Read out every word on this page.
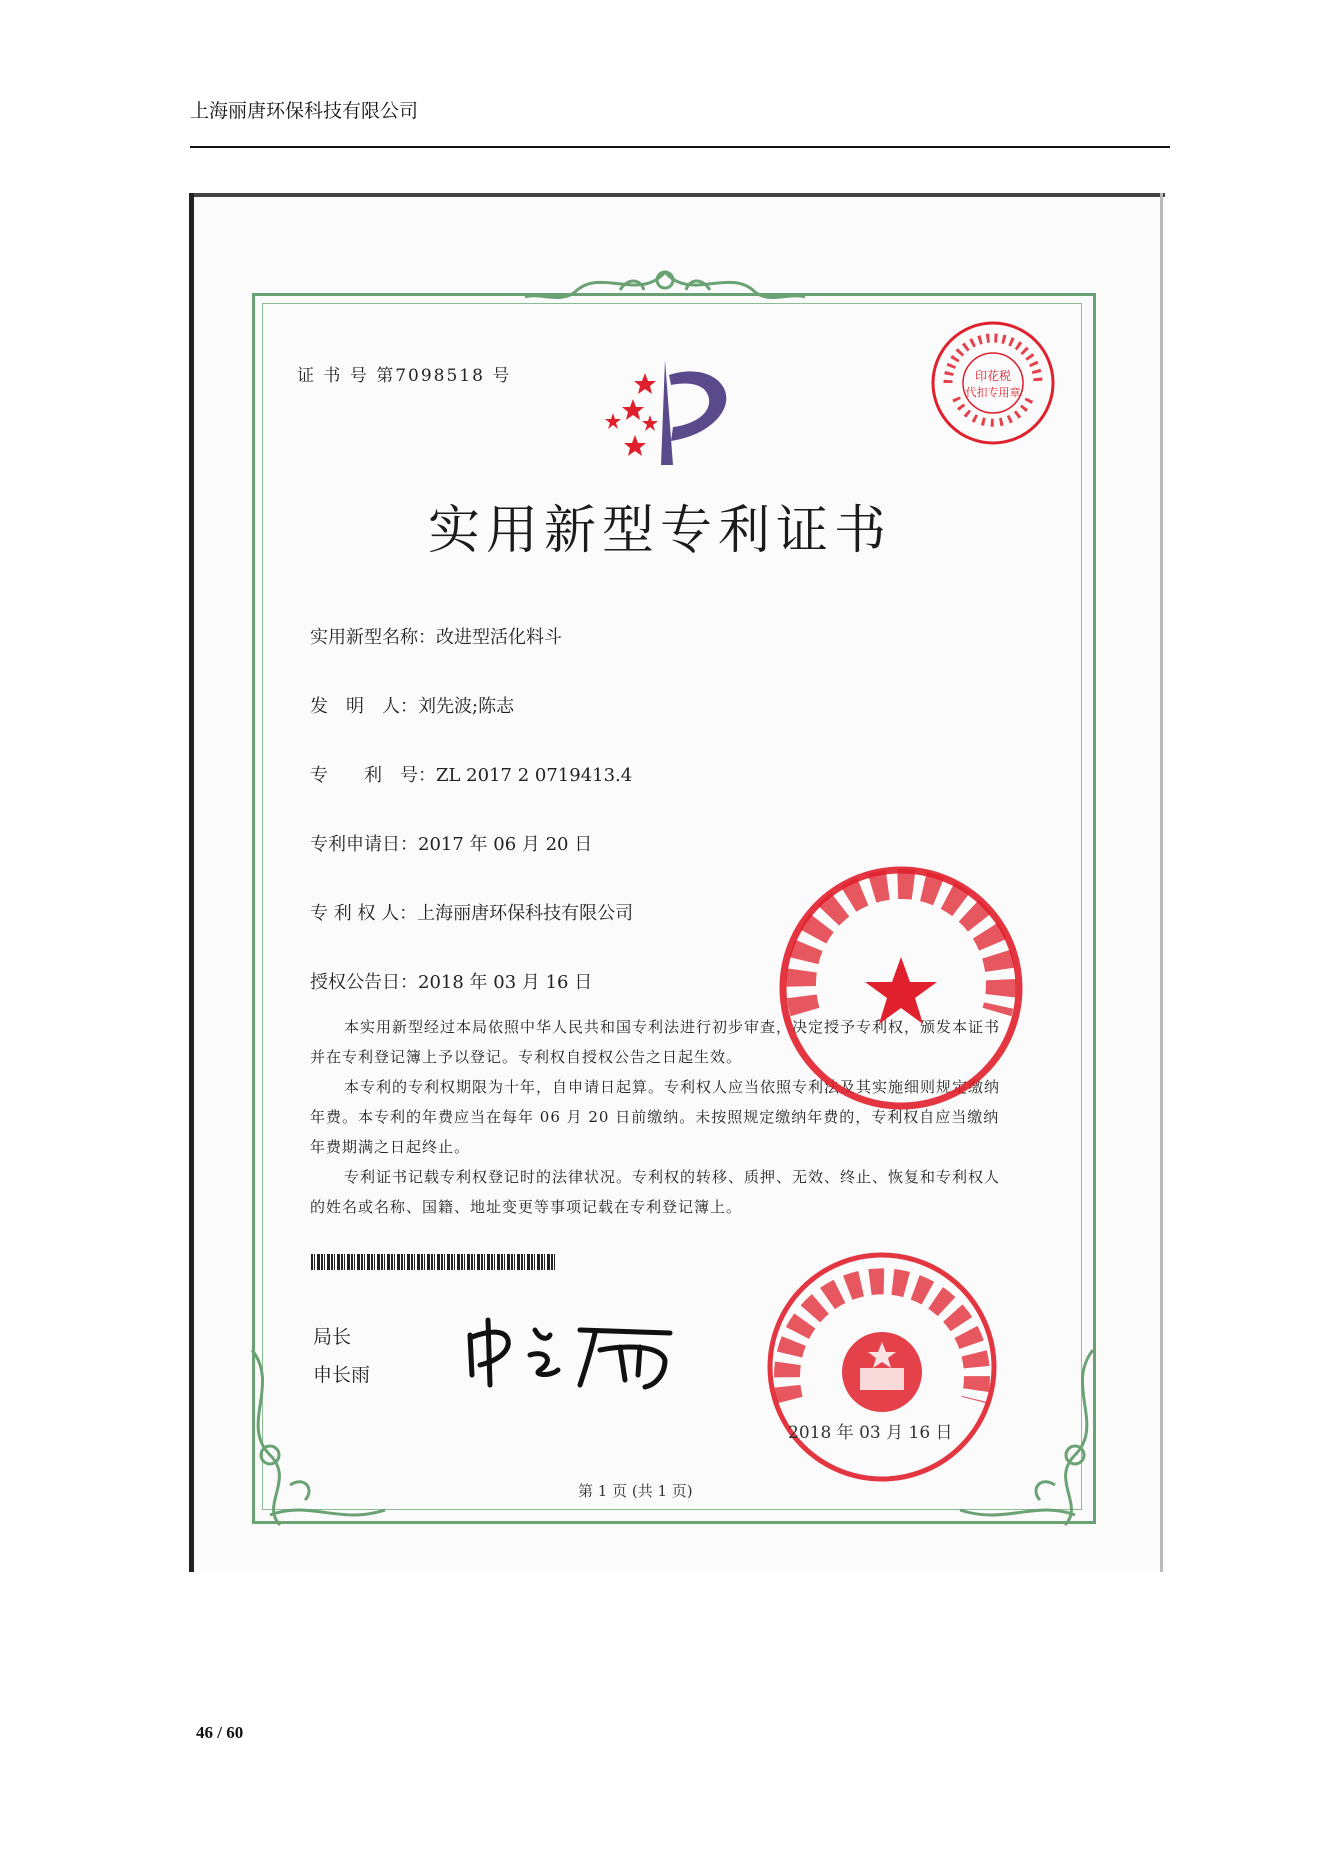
上海丽唐环保科技有限公司
证 书 号 第7098518 号	印花税
代扣专用章
实用新型专利证书
实用新型名称：改进型活化料斗
发　明　人：刘先波;陈志
专　　利　号：ZL 2017 2 0719413.4
专利申请日：2017 年 06 月 20 日
专 利 权 人：上海丽唐环保科技有限公司
授权公告日：2018 年 03 月 16 日

本实用新型经过本局依照中华人民共和国专利法进行初步审查，决定授予专利权，颁发本证书并在专利登记簿上予以登记。专利权自授权公告之日起生效。

本专利的专利权期限为十年，自申请日起算。专利权人应当依照专利法及其实施细则规定缴纳年费。本专利的年费应当在每年 06 月 20 日前缴纳。未按照规定缴纳年费的，专利权自应当缴纳年费期满之日起终止。

专利证书记载专利权登记时的法律状况。专利权的转移、质押、无效、终止、恢复和专利权人的姓名或名称、国籍、地址变更等事项记载在专利登记簿上。

局长
申长雨
2018 年 03 月 16 日
第 1 页 (共 1 页)
46 / 60
